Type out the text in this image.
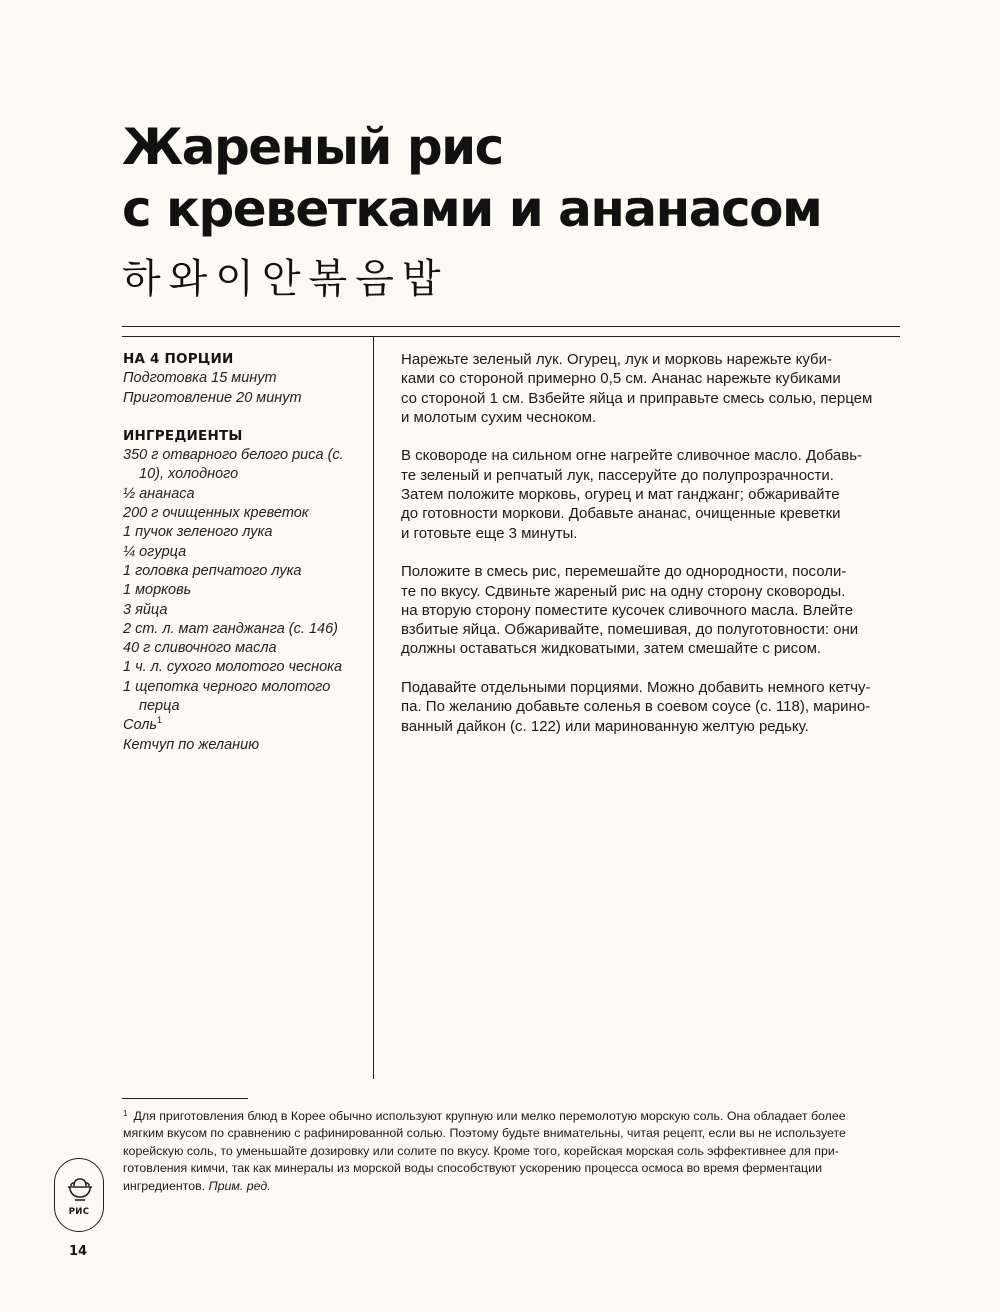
Жареный рис
с креветками и ананасом
하와이안볶음밥
НА 4 ПОРЦИИ
Подготовка 15 минут
Приготовление 20 минут
ИНГРЕДИЕНТЫ
350 г отварного белого риса (с. 10), холодного
½ ананаса
200 г очищенных креветок
1 пучок зеленого лука
¼ огурца
1 головка репчатого лука
1 морковь
3 яйца
2 ст. л. мат ганджанга (с. 146)
40 г сливочного масла
1 ч. л. сухого молотого чеснока
1 щепотка черного молотого перца
Соль$^1$
Кетчуп по желанию

Нарежьте зеленый лук. Огурец, лук и морковь нарежьте куби-
ками со стороной примерно 0,5 см. Ананас нарежьте кубиками
со стороной 1 см. Взбейте яйца и приправьте смесь солью, перцем
и молотым сухим чесноком.

В сковороде на сильном огне нагрейте сливочное масло. Добавь-
те зеленый и репчатый лук, пассеруйте до полупрозрачности.
Затем положите морковь, огурец и мат ганджанг; обжаривайте
до готовности моркови. Добавьте ананас, очищенные креветки
и готовьте еще 3 минуты.

Положите в смесь рис, перемешайте до однородности, посоли-
те по вкусу. Сдвиньте жареный рис на одну сторону сковороды.
на вторую сторону поместите кусочек сливочного масла. Влейте
взбитые яйца. Обжаривайте, помешивая, до полуготовности: они
должны оставаться жидковатыми, затем смешайте с рисом.

Подавайте отдельными порциями. Можно добавить немного кетчу-
па. По желанию добавьте соленья в соевом соусе (с. 118), марино-
ванный дайкон (с. 122) или маринованную желтую редьку.

$^1$ Для приготовления блюд в Корее обычно используют крупную или мелко перемолотую морскую соль. Она обладает более
мягким вкусом по сравнению с рафинированной солью. Поэтому будьте внимательны, читая рецепт, если вы не используете
корейскую соль, то уменьшайте дозировку или солите по вкусу. Кроме того, корейская морская соль эффективнее для при-
готовления кимчи, так как минералы из морской воды способствуют ускорению процесса осмоса во время ферментации
ингредиентов. Прим. ред.
РИС
14
